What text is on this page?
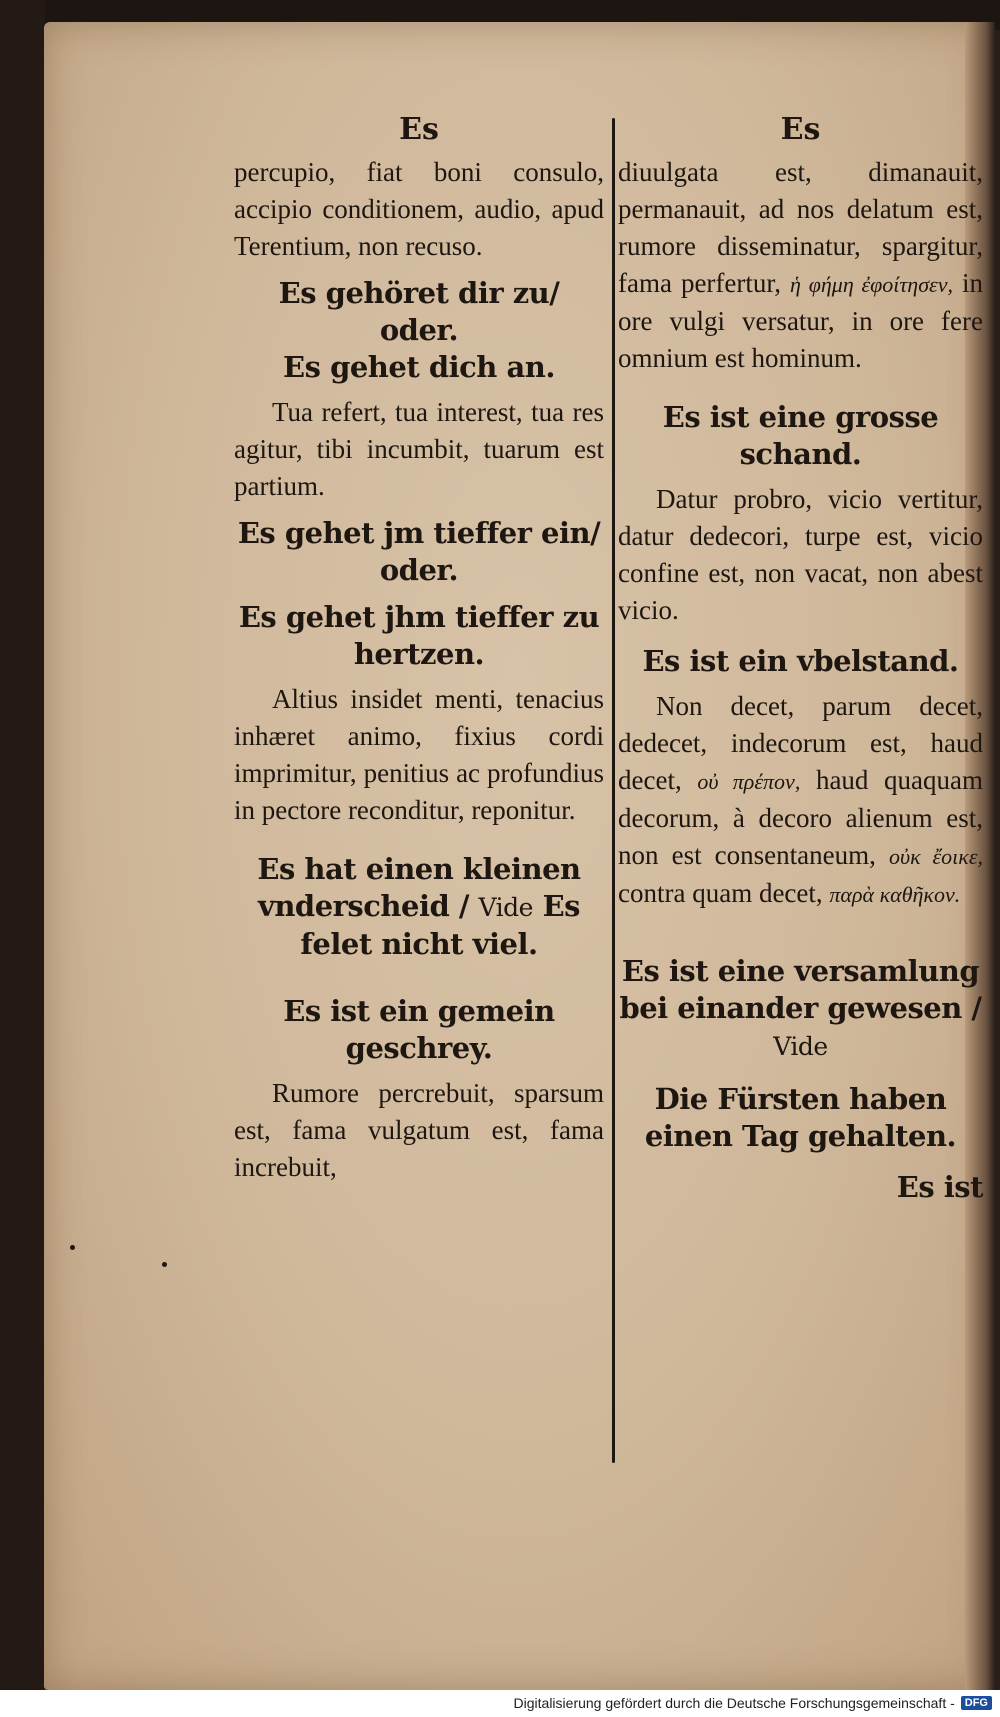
Es

percupio, fiat boni consulo, accipio conditionem, audio, apud Terentium, non recuso.

Es gehöret dir zu/
oder.
Es gehet dich an.

Tua refert, tua interest, tua res agitur, tibi incumbit, tuarum est partium.

Es gehet jm tieffer ein/
oder.
Es gehet jhm tieffer zu hertzen.

Altius insidet menti, tenacius inhæret animo, fixius cordi imprimitur, penitius ac profundius in pectore reconditur, reponitur.

Es hat einen kleinen vnderscheid / Vide Es felet nicht viel.
Es ist ein gemein geschrey.

Rumore percrebuit, sparsum est, fama vulgatum est, fama increbuit,

Es

diuulgata est, dimanauit, permanauit, ad nos delatum est, rumore disseminatur, spargitur, fama perfertur, ἡ φήμη ἐφοίτησεν, in ore vulgi versatur, in ore fere omnium est hominum.

Es ist eine grosse schand.

Datur probro, vicio vertitur, datur dedecori, turpe est, vicio confine est, non vacat, non abest vicio.

Es ist ein vbelstand.

Non decet, parum decet, dedecet, indecorum est, haud decet, οὐ πρέπον, haud quaquam decorum, à decoro alienum est, non est consentaneum, οὐκ ἔοικε, contra quam decet, παρὰ καθῆκον.

Es ist eine versamlung bei einander gewesen / Vide
Die Fürsten haben einen Tag gehalten.
Es ist
Digitalisierung gefördert durch die Deutsche Forschungsgemeinschaft - DFG
